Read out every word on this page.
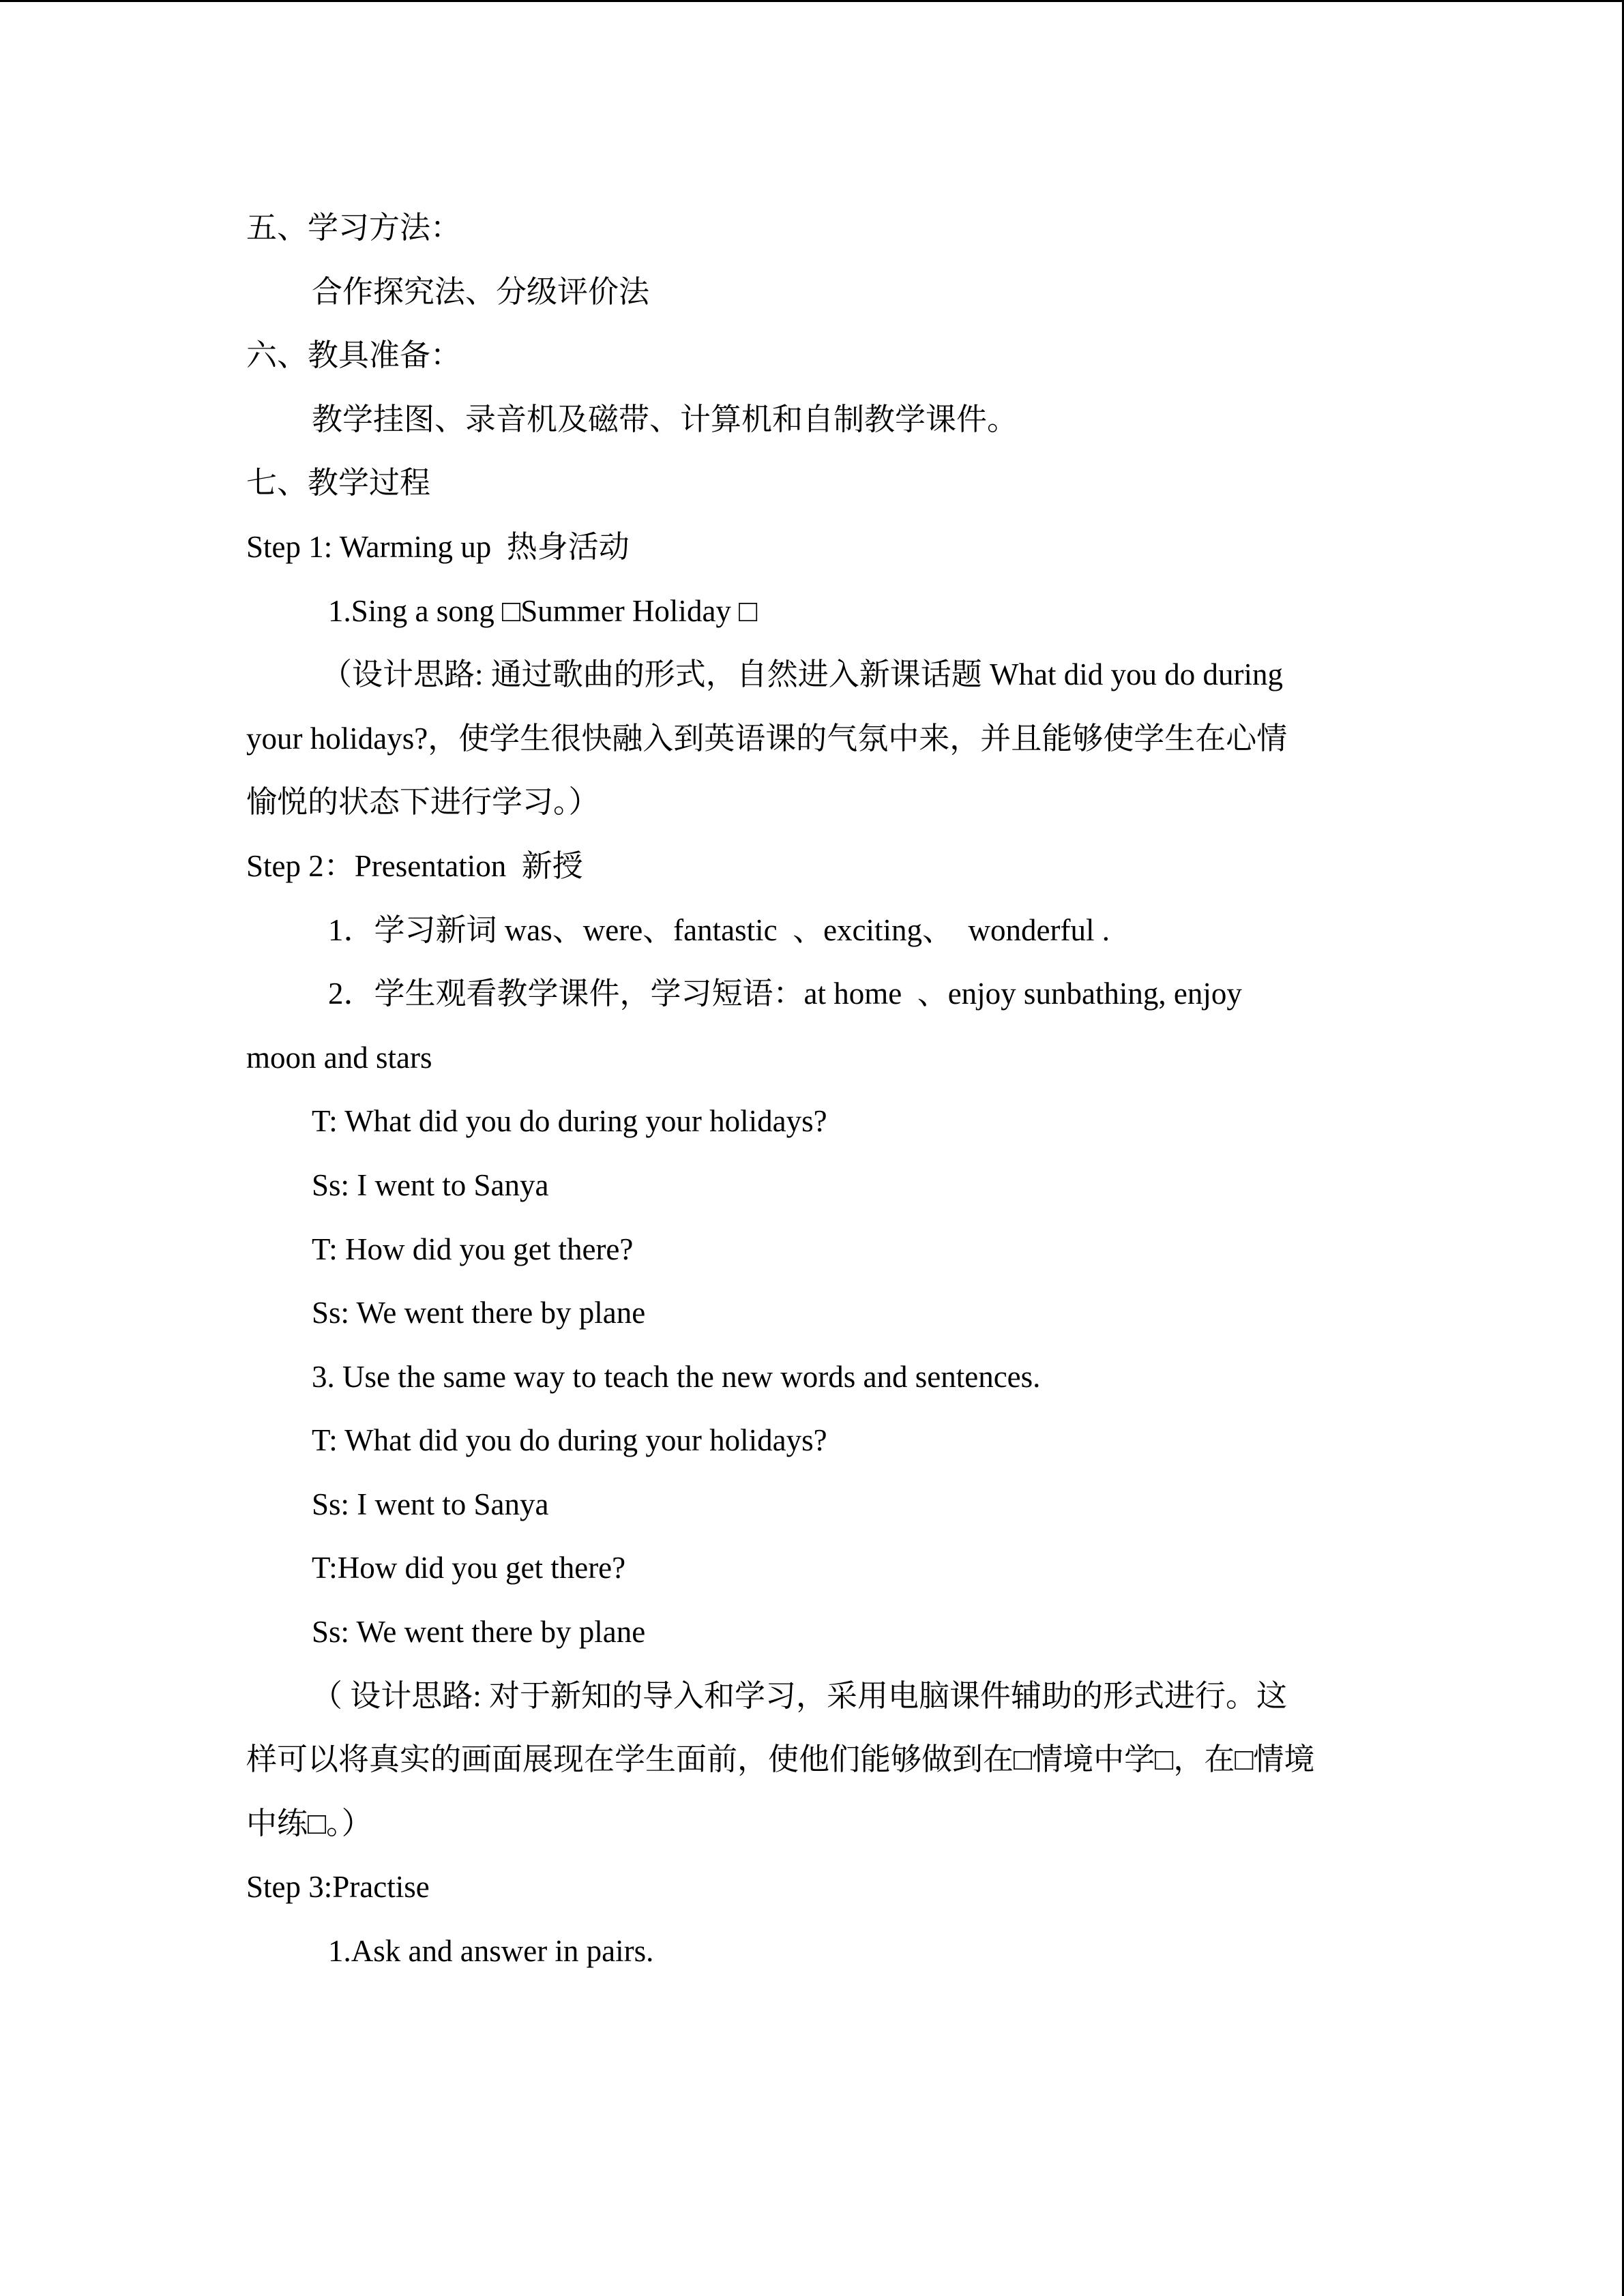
五、学习方法：
合作探究法、分级评价法
六、教具准备：
教学挂图、录音机及磁带、计算机和自制教学课件。
七、教学过程
Step 1: Warming up  热身活动
1.Sing a song □Summer Holiday □
（设计思路: 通过歌曲的形式，自然进入新课话题 What did you do during
your holidays?，使学生很快融入到英语课的气氛中来，并且能够使学生在心情
愉悦的状态下进行学习。）
Step 2：Presentation  新授
1．学习新词 was、were、fantastic  、exciting、  wonderful .
2．学生观看教学课件，学习短语：at home  、enjoy sunbathing, enjoy
moon and stars
T: What did you do during your holidays?
Ss: I went to Sanya
T: How did you get there?
Ss: We went there by plane
3. Use the same way to teach the new words and sentences.
T: What did you do during your holidays?
Ss: I went to Sanya
T:How did you get there?
Ss: We went there by plane
（ 设计思路: 对于新知的导入和学习，采用电脑课件辅助的形式进行。这
样可以将真实的画面展现在学生面前，使他们能够做到在□情境中学□，在□情境
中练□。）
Step 3:Practise
1.Ask and answer in pairs.
